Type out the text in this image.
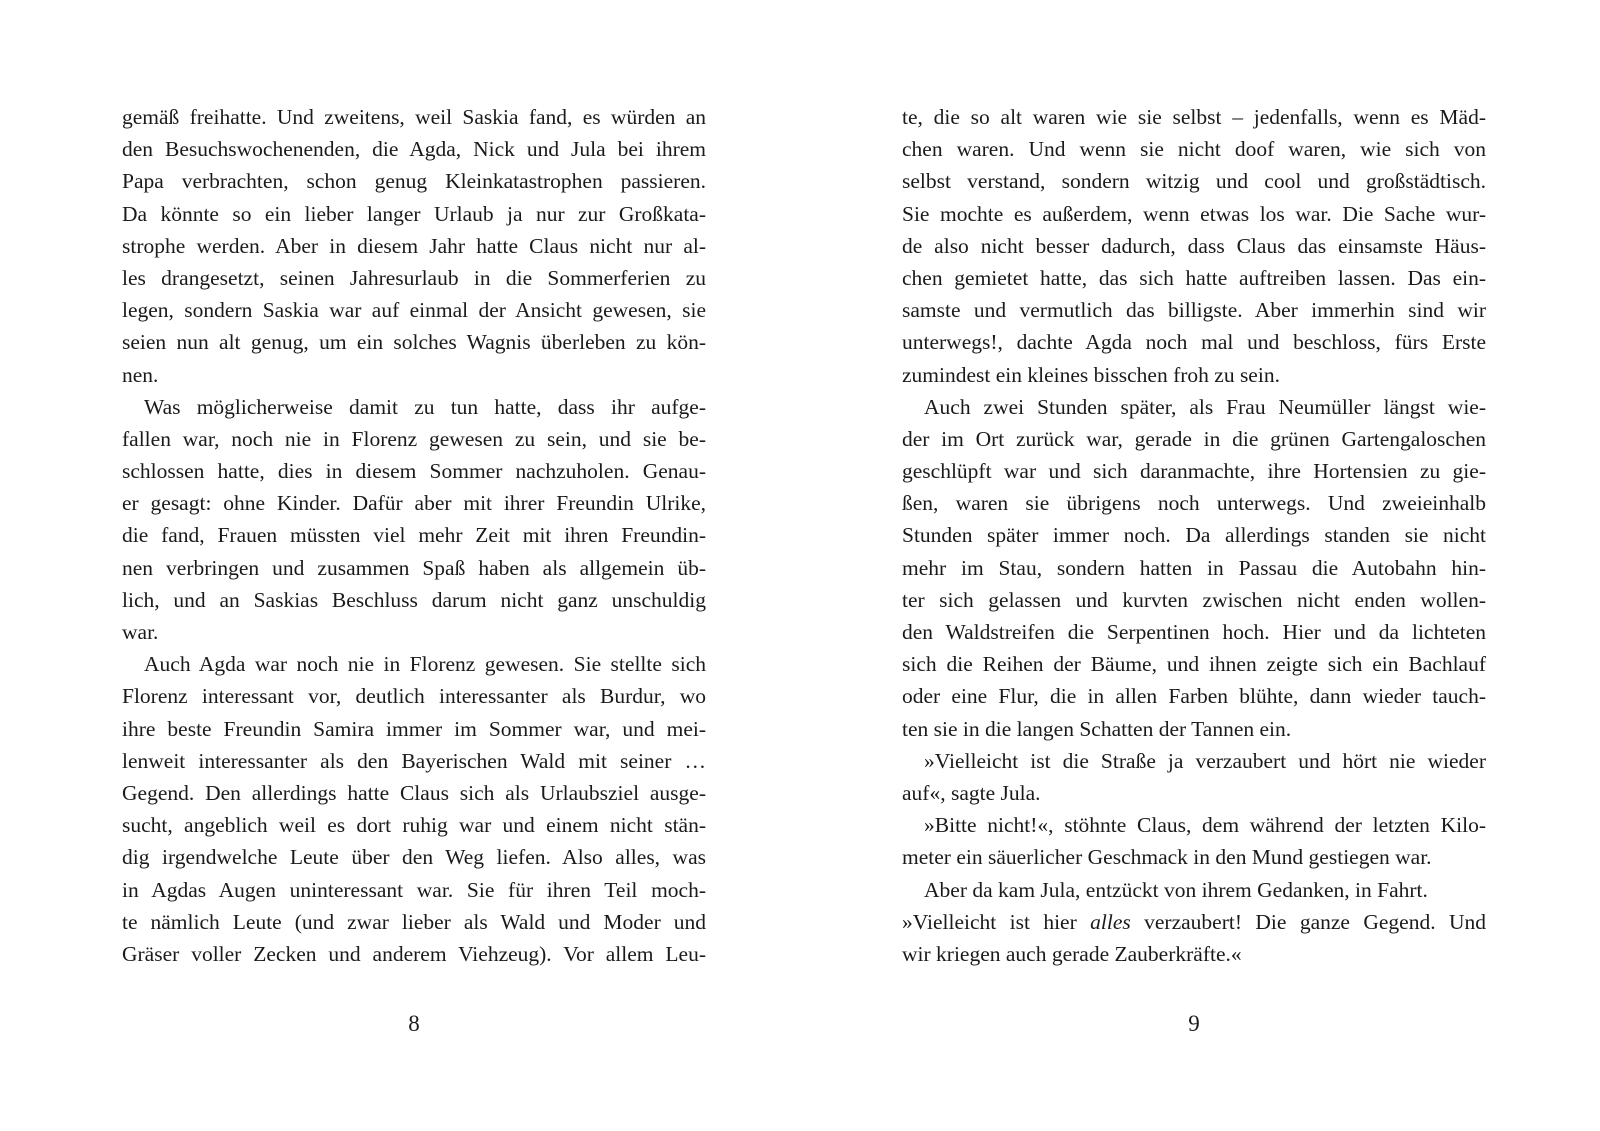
gemäß freihatte. Und zweitens, weil Saskia fand, es würden an
den Besuchswochenenden, die Agda, Nick und Jula bei ihrem
Papa verbrachten, schon genug Kleinkatastrophen passieren.
Da könnte so ein lieber langer Urlaub ja nur zur Großkata-
strophe werden. Aber in diesem Jahr hatte Claus nicht nur al-
les drangesetzt, seinen Jahresurlaub in die Sommerferien zu
legen, sondern Saskia war auf einmal der Ansicht gewesen, sie
seien nun alt genug, um ein solches Wagnis überleben zu kön-
nen.
Was möglicherweise damit zu tun hatte, dass ihr aufge-
fallen war, noch nie in Florenz gewesen zu sein, und sie be-
schlossen hatte, dies in diesem Sommer nachzuholen. Genau-
er gesagt: ohne Kinder. Dafür aber mit ihrer Freundin Ulrike,
die fand, Frauen müssten viel mehr Zeit mit ihren Freundin-
nen verbringen und zusammen Spaß haben als allgemein üb-
lich, und an Saskias Beschluss darum nicht ganz unschuldig
war.
Auch Agda war noch nie in Florenz gewesen. Sie stellte sich
Florenz interessant vor, deutlich interessanter als Burdur, wo
ihre beste Freundin Samira immer im Sommer war, und mei-
lenweit interessanter als den Bayerischen Wald mit seiner …
Gegend. Den allerdings hatte Claus sich als Urlaubsziel ausge-
sucht, angeblich weil es dort ruhig war und einem nicht stän-
dig irgendwelche Leute über den Weg liefen. Also alles, was
in Agdas Augen uninteressant war. Sie für ihren Teil moch-
te nämlich Leute (und zwar lieber als Wald und Moder und
Gräser voller Zecken und anderem Viehzeug). Vor allem Leu-
te, die so alt waren wie sie selbst – jedenfalls, wenn es Mäd-
chen waren. Und wenn sie nicht doof waren, wie sich von
selbst verstand, sondern witzig und cool und großstädtisch.
Sie mochte es außerdem, wenn etwas los war. Die Sache wur-
de also nicht besser dadurch, dass Claus das einsamste Häus-
chen gemietet hatte, das sich hatte auftreiben lassen. Das ein-
samste und vermutlich das billigste. Aber immerhin sind wir
unterwegs!, dachte Agda noch mal und beschloss, fürs Erste
zumindest ein kleines bisschen froh zu sein.
Auch zwei Stunden später, als Frau Neumüller längst wie-
der im Ort zurück war, gerade in die grünen Gartengaloschen
geschlüpft war und sich daranmachte, ihre Hortensien zu gie-
ßen, waren sie übrigens noch unterwegs. Und zweieinhalb
Stunden später immer noch. Da allerdings standen sie nicht
mehr im Stau, sondern hatten in Passau die Autobahn hin-
ter sich gelassen und kurvten zwischen nicht enden wollen-
den Waldstreifen die Serpentinen hoch. Hier und da lichteten
sich die Reihen der Bäume, und ihnen zeigte sich ein Bachlauf
oder eine Flur, die in allen Farben blühte, dann wieder tauch-
ten sie in die langen Schatten der Tannen ein.
»Vielleicht ist die Straße ja verzaubert und hört nie wieder
auf«, sagte Jula.
»Bitte nicht!«, stöhnte Claus, dem während der letzten Kilo-
meter ein säuerlicher Geschmack in den Mund gestiegen war.
Aber da kam Jula, entzückt von ihrem Gedanken, in Fahrt.
»Vielleicht ist hier alles verzaubert! Die ganze Gegend. Und
wir kriegen auch gerade Zauberkräfte.«
8	9
